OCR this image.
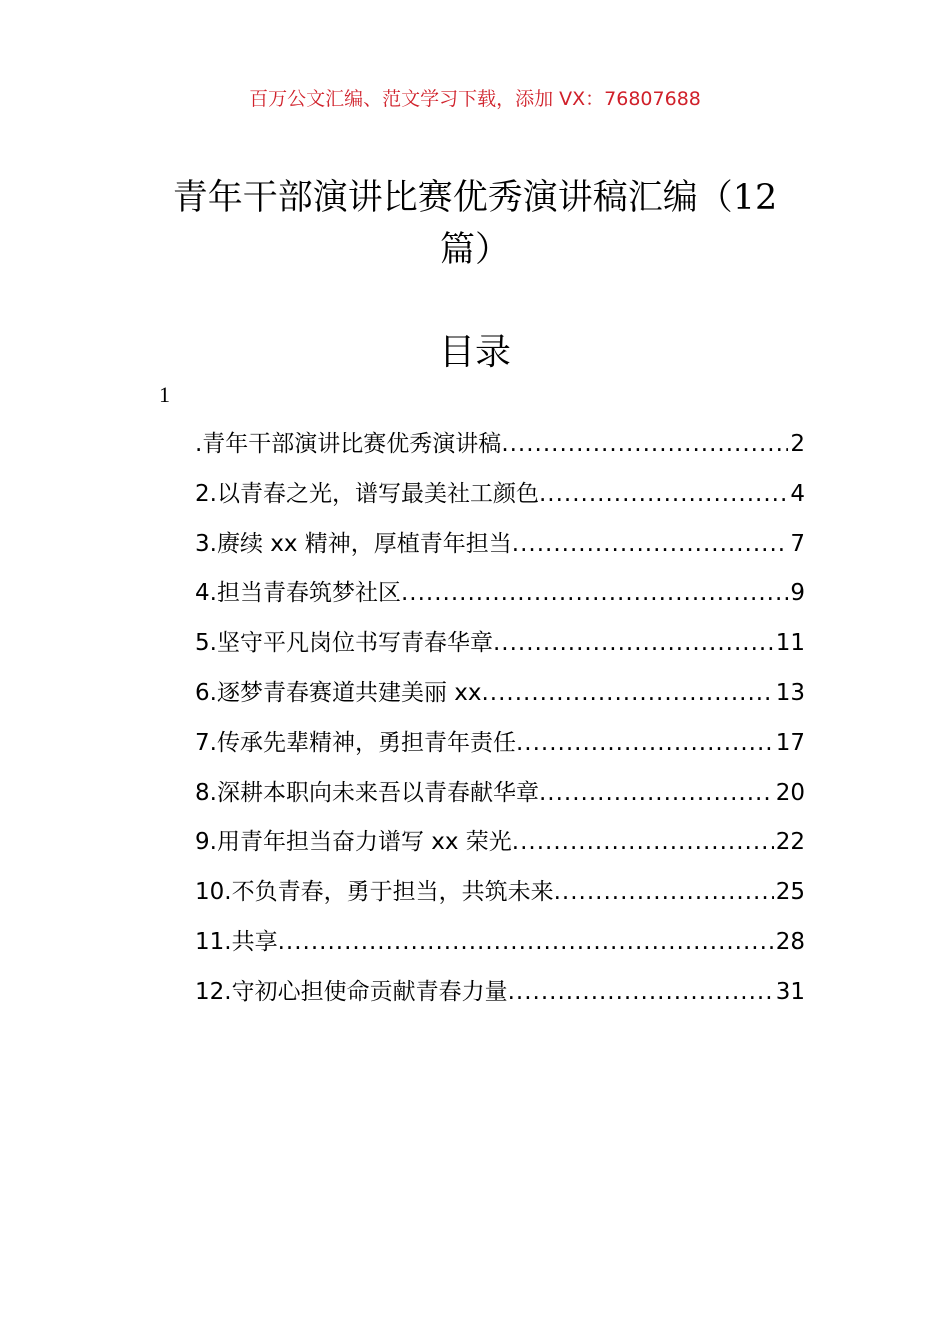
百万公文汇编、范文学习下载，添加 VX：76807688
青年干部演讲比赛优秀演讲稿汇编（12
篇）
目录
1
.青年干部演讲比赛优秀演讲稿 .....	2
2.以青春之光，谱写最美社工颜色 .....	4
3.赓续 xx 精神，厚植青年担当 .....	7
4.担当青春筑梦社区 .....	9
5.坚守平凡岗位书写青春华章 .....	11
6.逐梦青春赛道共建美丽 xx .....	13
7.传承先辈精神，勇担青年责任 .....	17
8.深耕本职向未来吾以青春献华章 .....	20
9.用青年担当奋力谱写 xx 荣光 .....	22
10.不负青春，勇于担当，共筑未来 .....	25
11.共享 .....	28
12.守初心担使命贡献青春力量 .....	31
